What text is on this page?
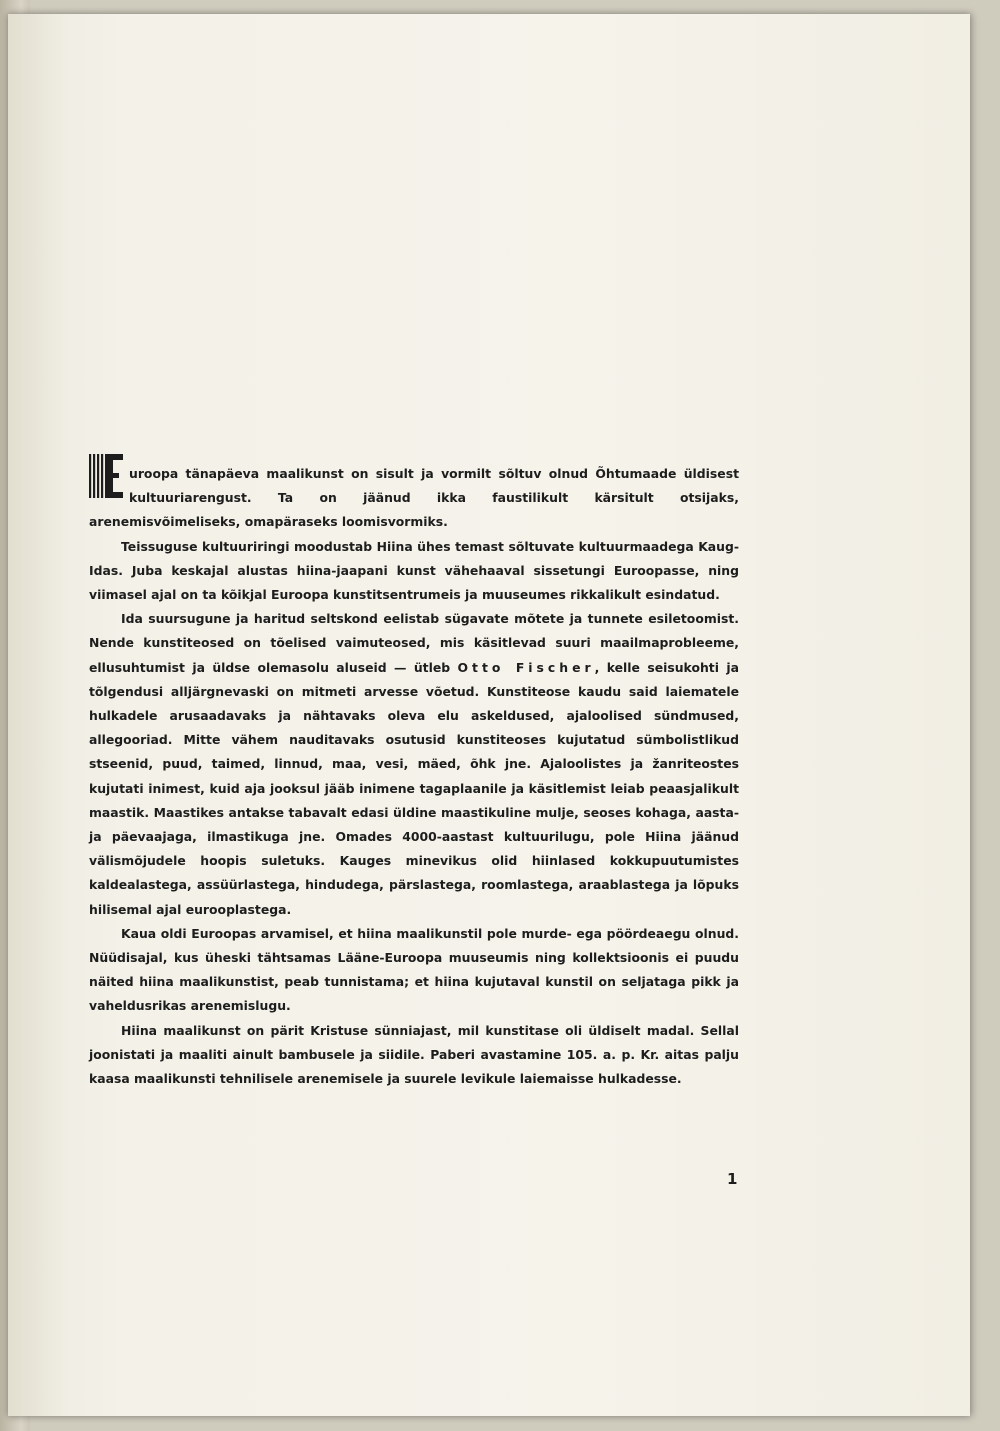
uroopa tänapäeva maalikunst on sisult ja vormilt sõltuv olnud Õhtumaade üldisest kultuuriarengust. Ta on jäänud ikka faustilikult kärsitult otsijaks, arenemisvõimeliseks, omapäraseks loomisvormiks.

Teissuguse kultuuriringi moodustab Hiina ühes temast sõltuvate kultuurmaadega Kaug-Idas. Juba keskajal alustas hiina-jaapani kunst vähehaaval sissetungi Euroopasse, ning viimasel ajal on ta kõikjal Euroopa kunstitsentrumeis ja muuseumes rikkalikult esindatud.

Ida suursugune ja haritud seltskond eelistab sügavate mõtete ja tunnete esiletoomist. Nende kunstiteosed on tõelised vaimuteosed, mis käsitlevad suuri maailmaprobleeme, ellusuhtumist ja üldse olemasolu aluseid — ütleb Otto Fischer, kelle seisukohti ja tõlgendusi alljärgnevaski on mitmeti arvesse võetud. Kunstiteose kaudu said laiematele hulkadele arusaadavaks ja nähtavaks oleva elu askeldused, ajaloolised sündmused, allegooriad. Mitte vähem nauditavaks osutusid kunstiteoses kujutatud sümbolistlikud stseenid, puud, taimed, linnud, maa, vesi, mäed, õhk jne. Ajaloolistes ja žanriteostes kujutati inimest, kuid aja jooksul jääb inimene tagaplaanile ja käsitlemist leiab peaasjalikult maastik. Maastikes antakse tabavalt edasi üldine maastikuline mulje, seoses kohaga, aasta- ja päevaajaga, ilmastikuga jne. Omades 4000-aastast kultuurilugu, pole Hiina jäänud välismõjudele hoopis suletuks. Kauges minevikus olid hiinlased kokkupuutumistes kaldealastega, assüürlastega, hindudega, pärslastega, roomlastega, araablastega ja lõpuks hilisemal ajal eurooplastega.

Kaua oldi Euroopas arvamisel, et hiina maalikunstil pole murde- ega pöördeaegu olnud. Nüüdisajal, kus üheski tähtsamas Lääne-Euroopa muuseumis ning kollektsioonis ei puudu näited hiina maalikunstist, peab tunnistama; et hiina kujutaval kunstil on seljataga pikk ja vaheldusrikas arenemislugu.

Hiina maalikunst on pärit Kristuse sünniajast, mil kunstitase oli üldiselt madal. Sellal joonistati ja maaliti ainult bambusele ja siidile. Paberi avastamine 105. a. p. Kr. aitas palju kaasa maalikunsti tehnilisele arenemisele ja suurele levikule laiemaisse hulkadesse.

1
